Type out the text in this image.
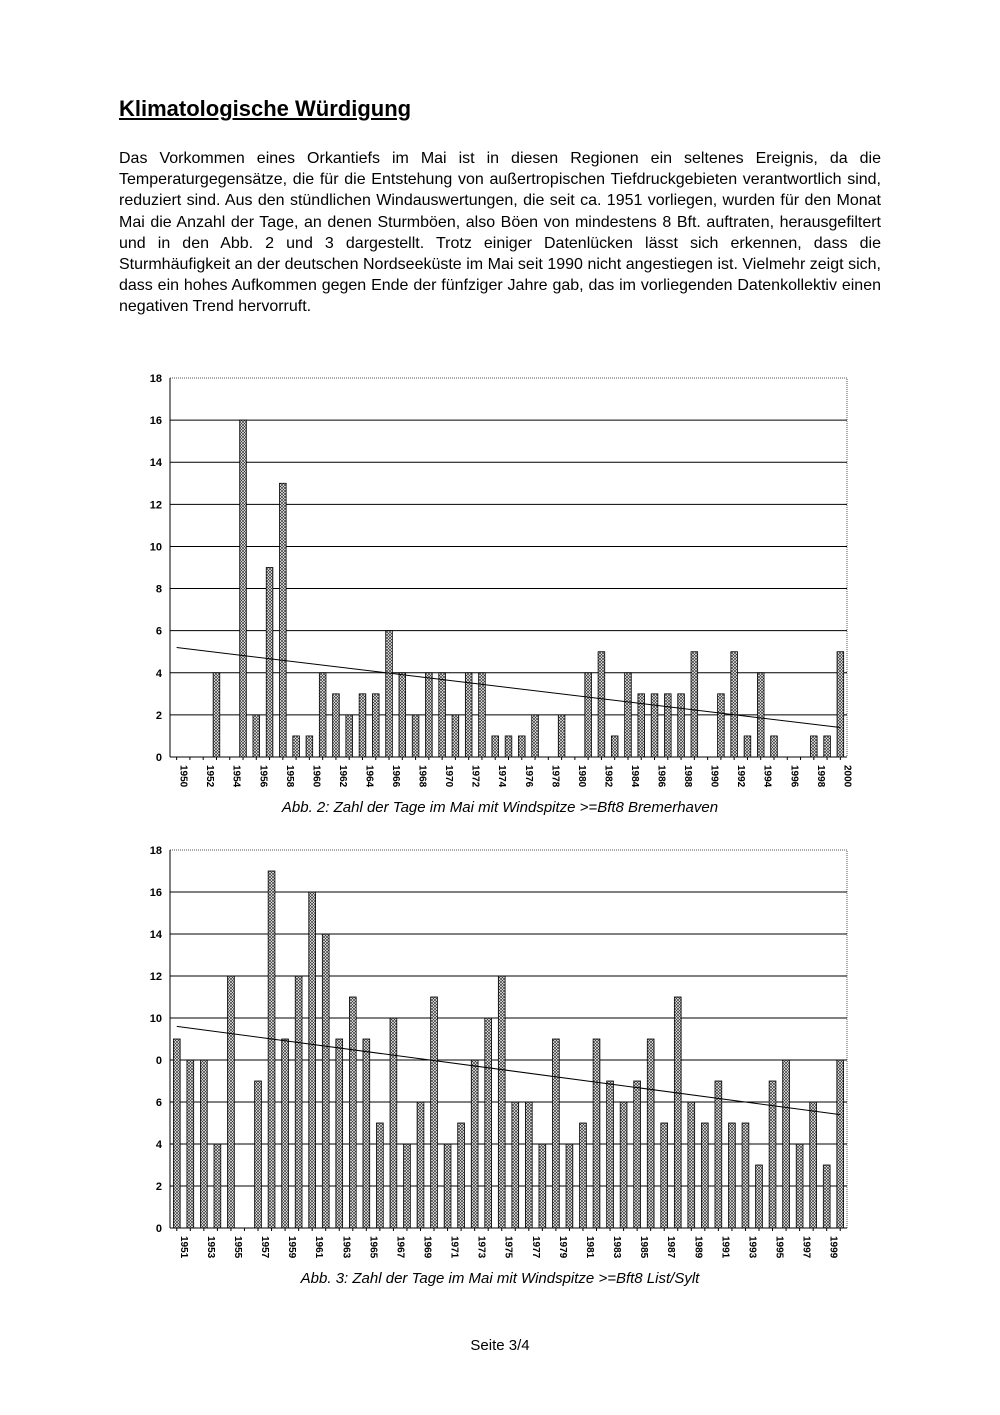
Klimatologische Würdigung

Das Vorkommen eines Orkantiefs im Mai ist in diesen Regionen ein seltenes Ereignis, da die Temperaturgegensätze, die für die Entstehung von außertropischen Tiefdruckgebieten verantwortlich sind, reduziert sind. Aus den stündlichen Windauswertungen, die seit ca. 1951 vorliegen, wurden für den Monat Mai die Anzahl der Tage, an denen Sturmböen, also Böen von mindestens 8 Bft. auftraten, herausgefiltert und in den Abb. 2 und 3 dargestellt. Trotz einiger Datenlücken lässt sich erkennen, dass die Sturmhäufigkeit an der deutschen Nordseeküste im Mai seit 1990 nicht angestiegen ist. Vielmehr zeigt sich, dass ein hohes Aufkommen gegen Ende der fünfziger Jahre gab, das im vorliegenden Datenkollektiv einen negativen Trend hervorruft.

0
2
4
6
8
10
12
14
16
18
1950 1952 1954 1956 1958 1960 1962 1964 1966 1968 1970 1972 1974 1976 1978 1980 1982 1984 1986 1988 1990 1992 1994 1996 1998 2000

Abb. 2: Zahl der Tage im Mai mit Windspitze >=Bft8 Bremerhaven

0
2
4
6
0
10
12
14
16
18
1951 1953 1955 1957 1959 1961 1963 1965 1967 1969 1971 1973 1975 1977 1979 1981 1983 1985 1987 1989 1991 1993 1995 1997 1999

Abb. 3: Zahl der Tage im Mai mit Windspitze >=Bft8 List/Sylt

Seite 3/4
